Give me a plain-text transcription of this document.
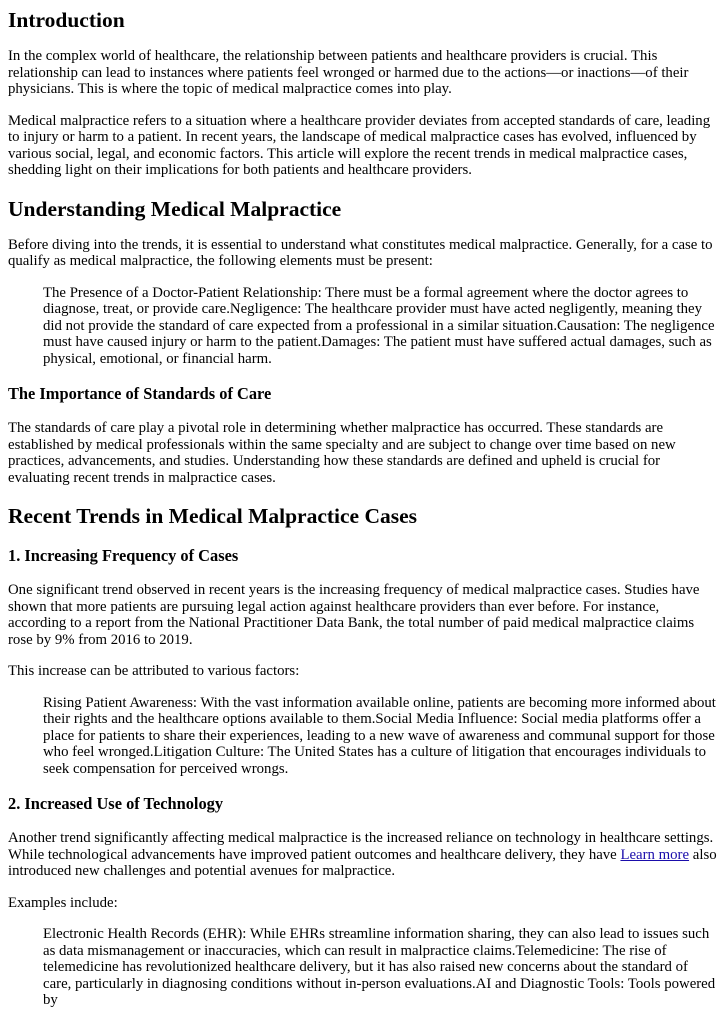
Introduction

In the complex world of healthcare, the relationship between patients and healthcare providers is crucial. This relationship can lead to instances where patients feel wronged or harmed due to the actions—or inactions—of their physicians. This is where the topic of medical malpractice comes into play.

Medical malpractice refers to a situation where a healthcare provider deviates from accepted standards of care, leading to injury or harm to a patient. In recent years, the landscape of medical malpractice cases has evolved, influenced by various social, legal, and economic factors. This article will explore the recent trends in medical malpractice cases, shedding light on their implications for both patients and healthcare providers.

Understanding Medical Malpractice

Before diving into the trends, it is essential to understand what constitutes medical malpractice. Generally, for a case to qualify as medical malpractice, the following elements must be present:

The Presence of a Doctor-Patient Relationship: There must be a formal agreement where the doctor agrees to diagnose, treat, or provide care.Negligence: The healthcare provider must have acted negligently, meaning they did not provide the standard of care expected from a professional in a similar situation.Causation: The negligence must have caused injury or harm to the patient.Damages: The patient must have suffered actual damages, such as physical, emotional, or financial harm.
The Importance of Standards of Care

The standards of care play a pivotal role in determining whether malpractice has occurred. These standards are established by medical professionals within the same specialty and are subject to change over time based on new practices, advancements, and studies. Understanding how these standards are defined and upheld is crucial for evaluating recent trends in malpractice cases.

Recent Trends in Medical Malpractice Cases
1. Increasing Frequency of Cases

One significant trend observed in recent years is the increasing frequency of medical malpractice cases. Studies have shown that more patients are pursuing legal action against healthcare providers than ever before. For instance, according to a report from the National Practitioner Data Bank, the total number of paid medical malpractice claims rose by 9% from 2016 to 2019.

This increase can be attributed to various factors:

Rising Patient Awareness: With the vast information available online, patients are becoming more informed about their rights and the healthcare options available to them.Social Media Influence: Social media platforms offer a place for patients to share their experiences, leading to a new wave of awareness and communal support for those who feel wronged.Litigation Culture: The United States has a culture of litigation that encourages individuals to seek compensation for perceived wrongs.
2. Increased Use of Technology

Another trend significantly affecting medical malpractice is the increased reliance on technology in healthcare settings. While technological advancements have improved patient outcomes and healthcare delivery, they have Learn more also introduced new challenges and potential avenues for malpractice.

Examples include:

Electronic Health Records (EHR): While EHRs streamline information sharing, they can also lead to issues such as data mismanagement or inaccuracies, which can result in malpractice claims.Telemedicine: The rise of telemedicine has revolutionized healthcare delivery, but it has also raised new concerns about the standard of care, particularly in diagnosing conditions without in-person evaluations.AI and Diagnostic Tools: Tools powered by
